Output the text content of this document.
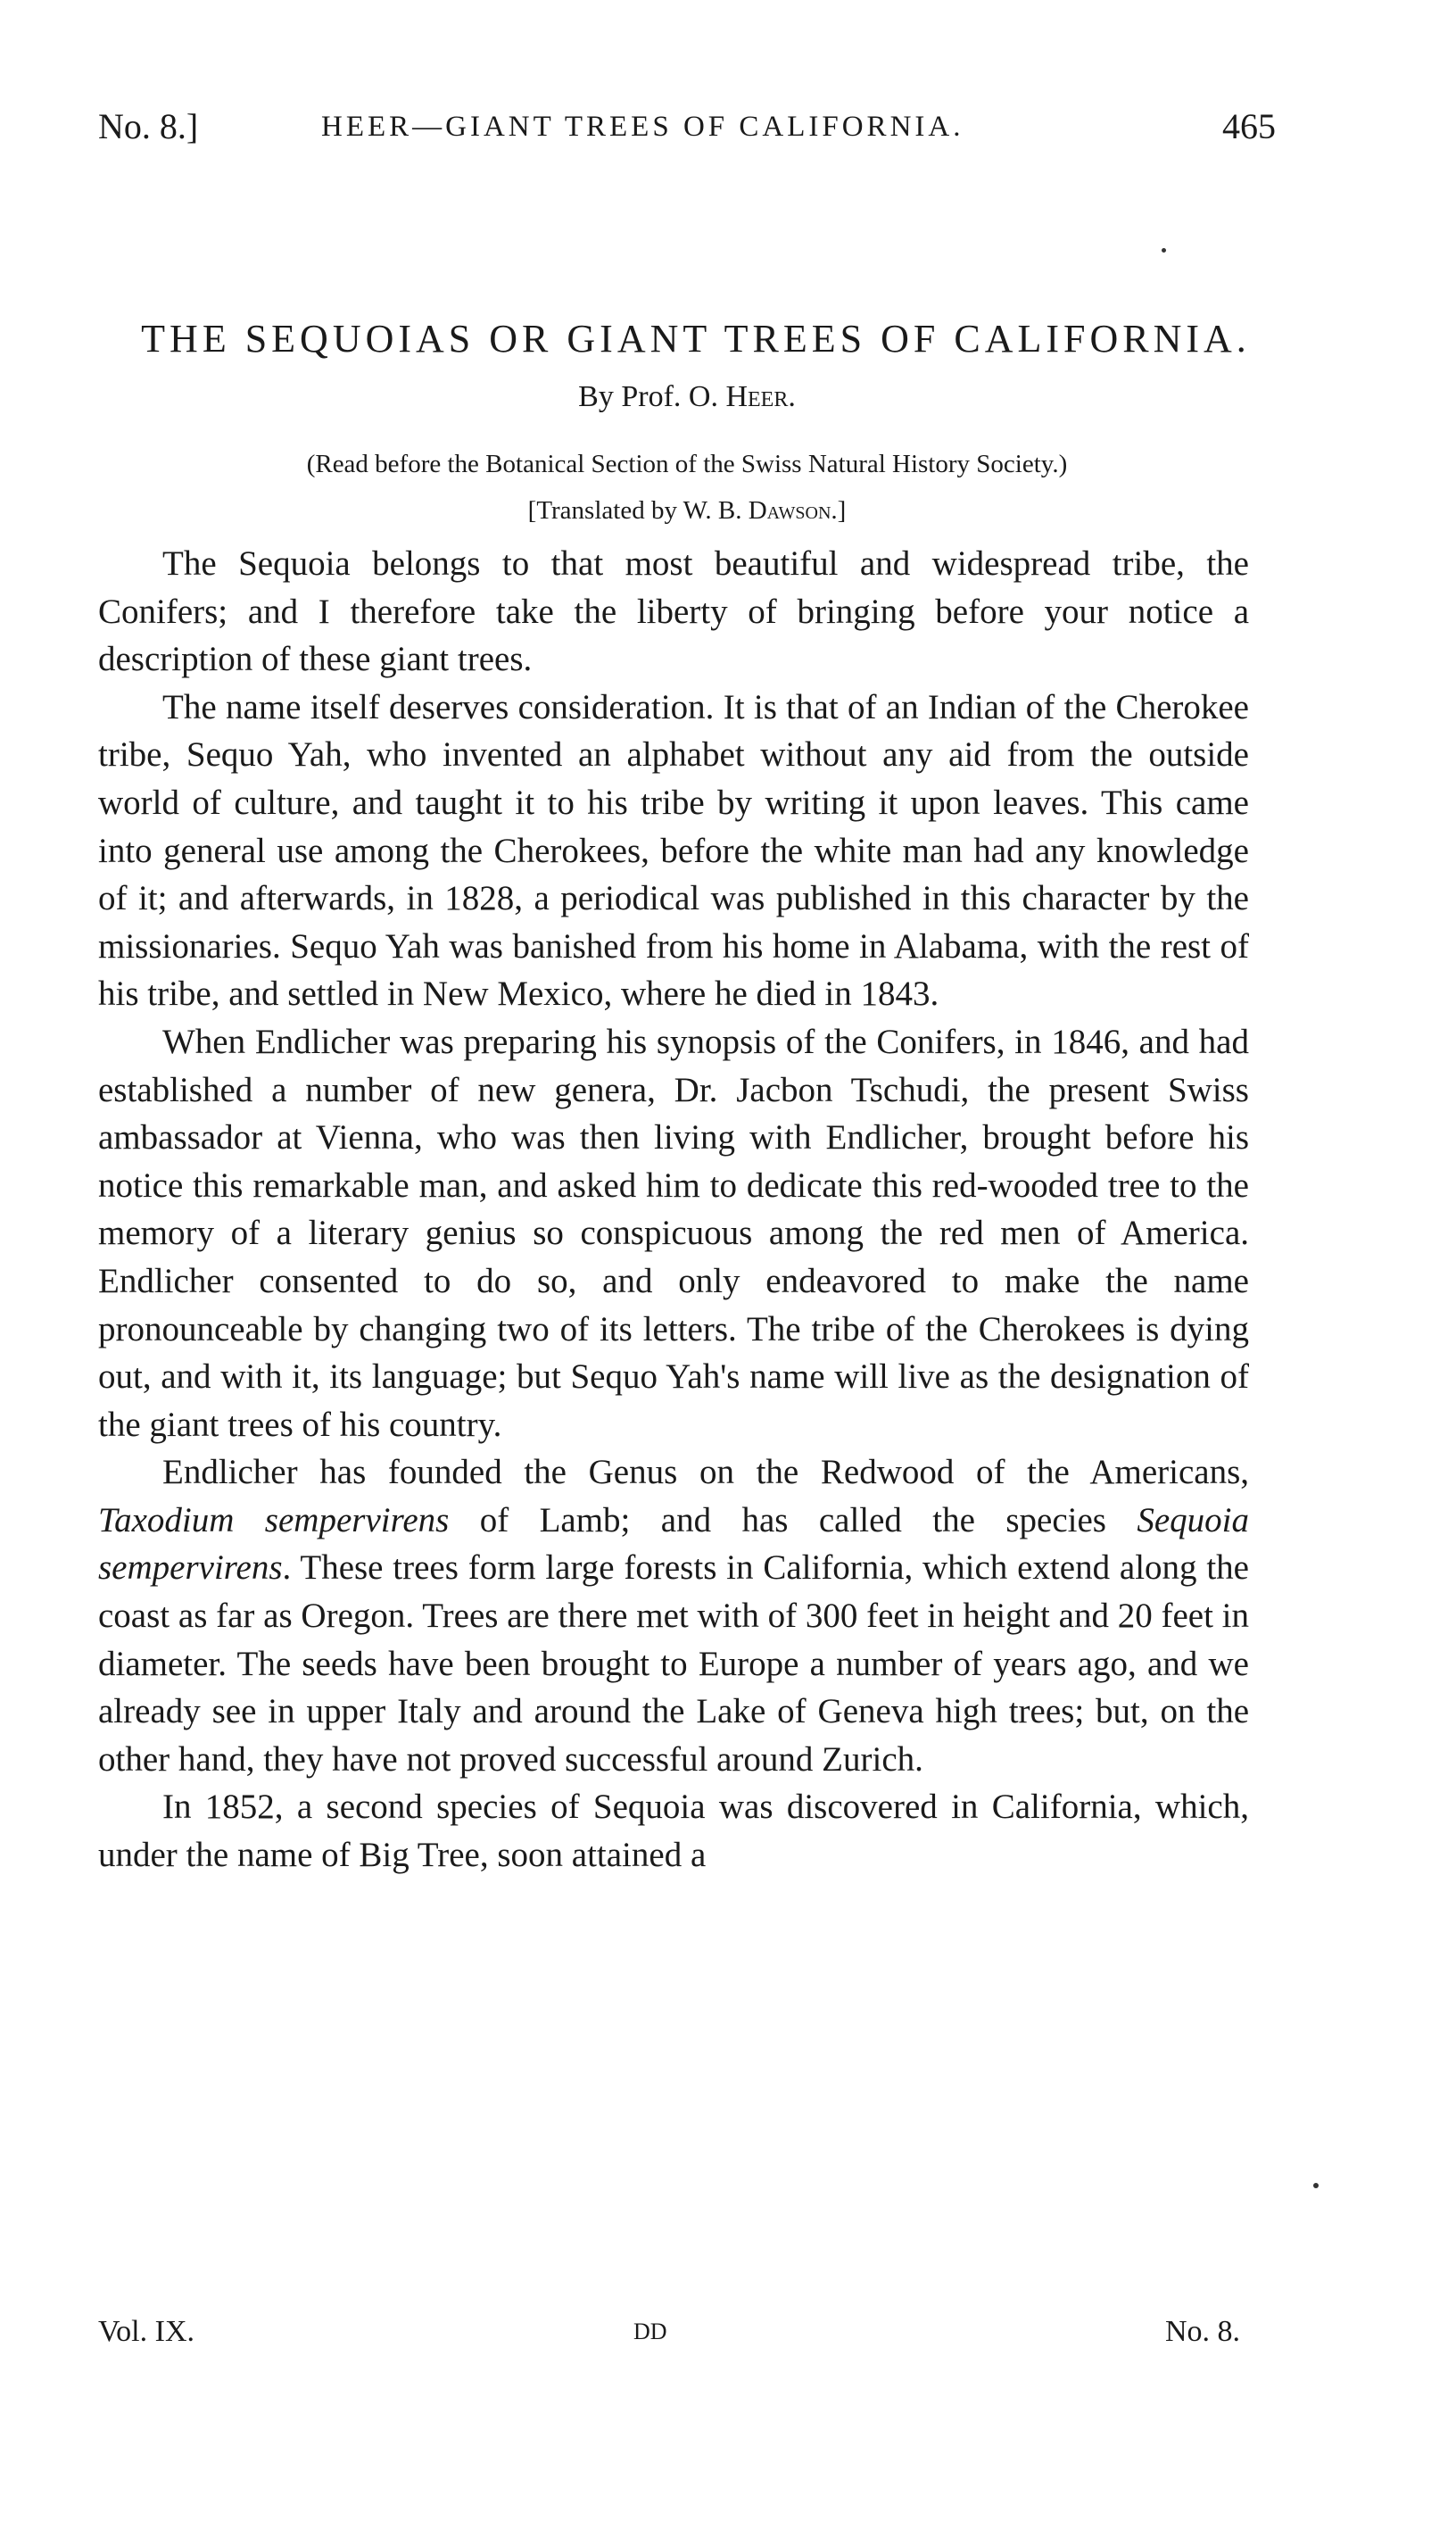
No. 8.]	HEER—GIANT TREES OF CALIFORNIA.	465
THE SEQUOIAS OR GIANT TREES OF CALIFORNIA.
By Prof. O. Heer.
(Read before the Botanical Section of the Swiss Natural History Society.)
[Translated by W. B. Dawson.]

The Sequoia belongs to that most beautiful and widespread tribe, the Conifers; and I therefore take the liberty of bringing before your notice a description of these giant trees.

The name itself deserves consideration. It is that of an Indian of the Cherokee tribe, Sequo Yah, who invented an alphabet without any aid from the outside world of culture, and taught it to his tribe by writing it upon leaves. This came into general use among the Cherokees, before the white man had any knowledge of it; and afterwards, in 1828, a periodical was published in this character by the missionaries. Sequo Yah was banished from his home in Alabama, with the rest of his tribe, and settled in New Mexico, where he died in 1843.

When Endlicher was preparing his synopsis of the Conifers, in 1846, and had established a number of new genera, Dr. Jacbon Tschudi, the present Swiss ambassador at Vienna, who was then living with Endlicher, brought before his notice this remarkable man, and asked him to dedicate this red-wooded tree to the memory of a literary genius so conspicuous among the red men of America. Endlicher consented to do so, and only endeavored to make the name pronounceable by changing two of its letters. The tribe of the Cherokees is dying out, and with it, its language; but Sequo Yah's name will live as the designation of the giant trees of his country.

Endlicher has founded the Genus on the Redwood of the Americans, Taxodium sempervirens of Lamb; and has called the species Sequoia sempervirens. These trees form large forests in California, which extend along the coast as far as Oregon. Trees are there met with of 300 feet in height and 20 feet in diameter. The seeds have been brought to Europe a number of years ago, and we already see in upper Italy and around the Lake of Geneva high trees; but, on the other hand, they have not proved successful around Zurich.

In 1852, a second species of Sequoia was discovered in California, which, under the name of Big Tree, soon attained a

Vol. IX.	DD	No. 8.
